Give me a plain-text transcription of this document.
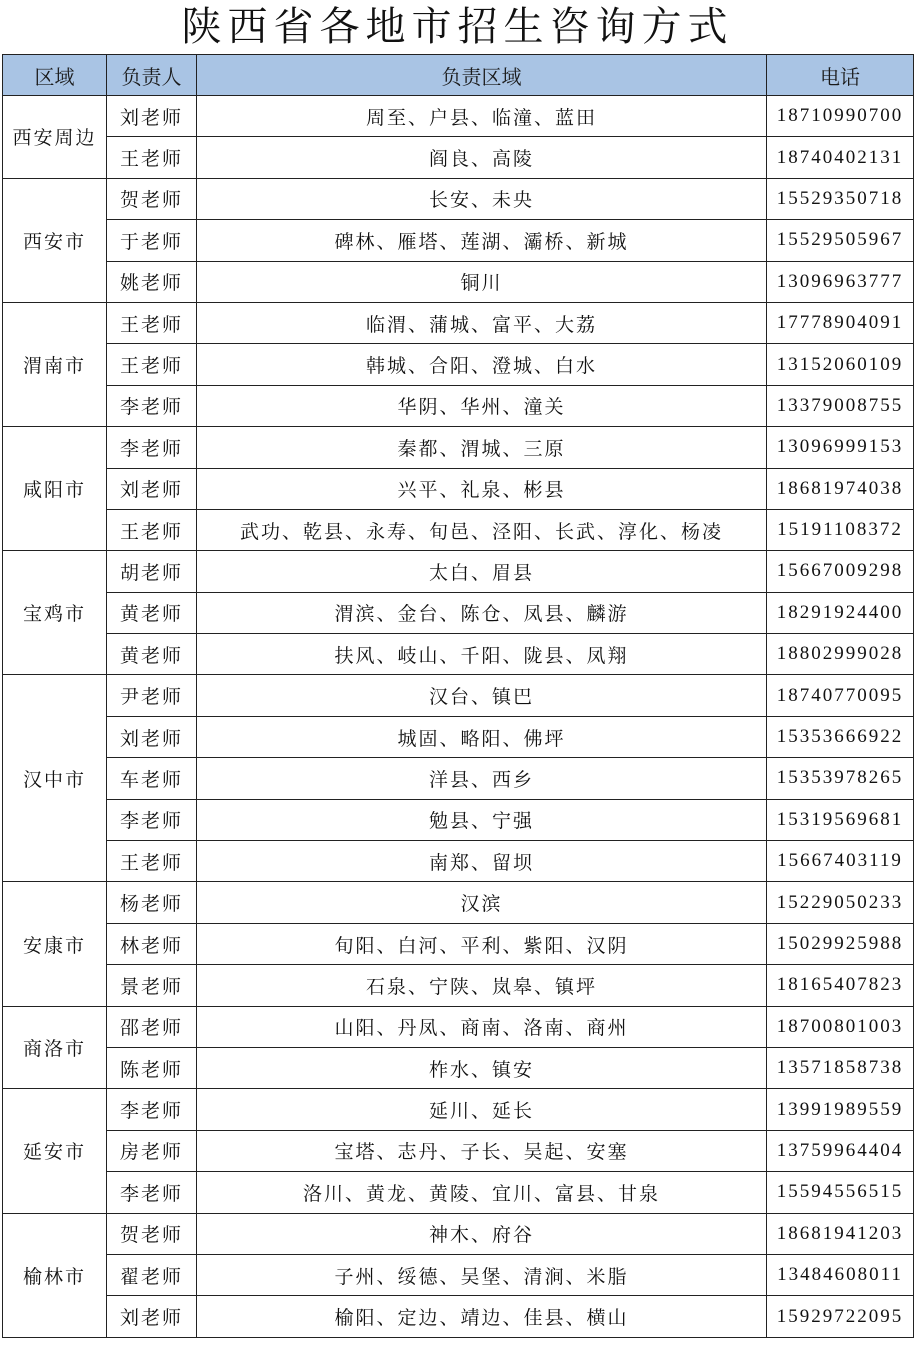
陕西省各地市招生咨询方式
区域	负责人	负责区域	电话
西安周边	刘老师	周至、户县、临潼、蓝田	18710990700
	王老师	阎良、高陵	18740402131
西安市	贺老师	长安、未央	15529350718
	于老师	碑林、雁塔、莲湖、灞桥、新城	15529505967
	姚老师	铜川	13096963777
渭南市	王老师	临渭、蒲城、富平、大荔	17778904091
	王老师	韩城、合阳、澄城、白水	13152060109
	李老师	华阴、华州、潼关	13379008755
咸阳市	李老师	秦都、渭城、三原	13096999153
	刘老师	兴平、礼泉、彬县	18681974038
	王老师	武功、乾县、永寿、旬邑、泾阳、长武、淳化、杨凌	15191108372
宝鸡市	胡老师	太白、眉县	15667009298
	黄老师	渭滨、金台、陈仓、凤县、麟游	18291924400
	黄老师	扶风、岐山、千阳、陇县、凤翔	18802999028
汉中市	尹老师	汉台、镇巴	18740770095
	刘老师	城固、略阳、佛坪	15353666922
	车老师	洋县、西乡	15353978265
	李老师	勉县、宁强	15319569681
	王老师	南郑、留坝	15667403119
安康市	杨老师	汉滨	15229050233
	林老师	旬阳、白河、平利、紫阳、汉阴	15029925988
	景老师	石泉、宁陕、岚皋、镇坪	18165407823
商洛市	邵老师	山阳、丹凤、商南、洛南、商州	18700801003
	陈老师	柞水、镇安	13571858738
延安市	李老师	延川、延长	13991989559
	房老师	宝塔、志丹、子长、吴起、安塞	13759964404
	李老师	洛川、黄龙、黄陵、宜川、富县、甘泉	15594556515
榆林市	贺老师	神木、府谷	18681941203
	翟老师	子州、绥德、吴堡、清涧、米脂	13484608011
	刘老师	榆阳、定边、靖边、佳县、横山	15929722095
